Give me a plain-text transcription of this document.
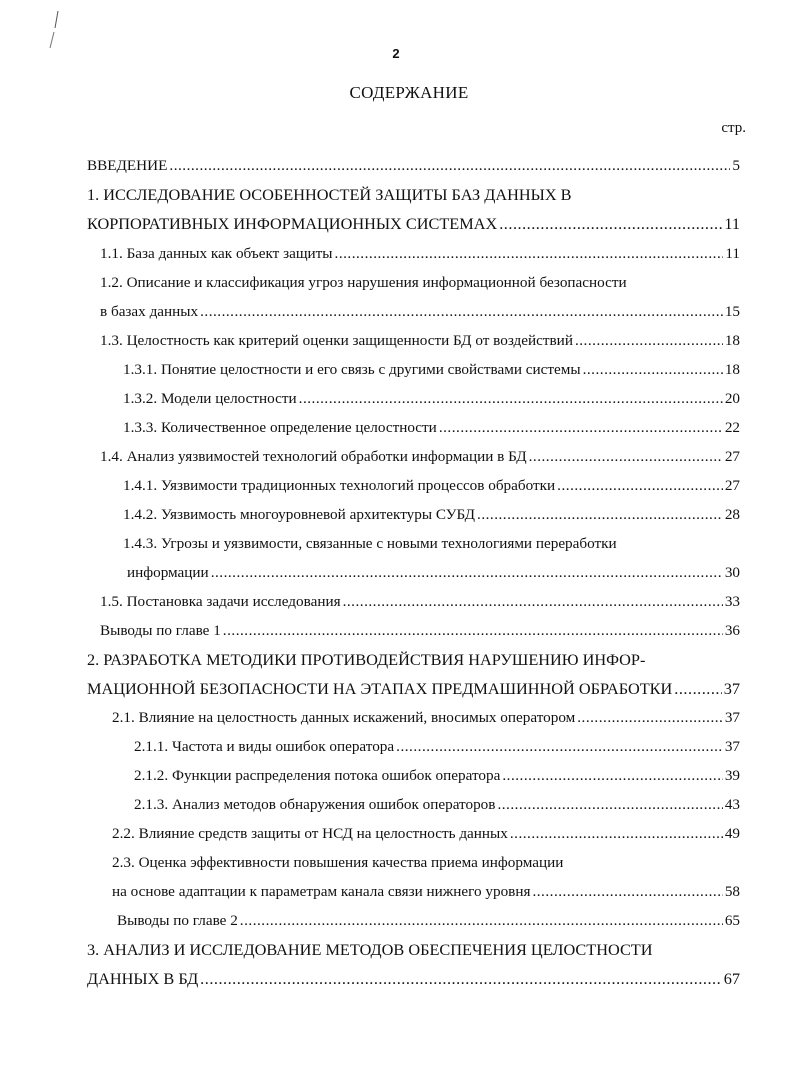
2
СОДЕРЖАНИЕ
стр.
ВВЕДЕНИЕ .....	5
1. ИССЛЕДОВАНИЕ ОСОБЕННОСТЕЙ ЗАЩИТЫ БАЗ ДАННЫХ В
КОРПОРАТИВНЫХ ИНФОРМАЦИОННЫХ СИСТЕМАХ .....	11
1.1. База данных как объект защиты .....	11
1.2. Описание и классификация угроз нарушения информационной безопасности
в базах данных .....	15
1.3. Целостность как критерий оценки защищенности БД от воздействий .....	18
1.3.1. Понятие целостности и его связь с другими свойствами системы .....	18
1.3.2. Модели целостности .....	20
1.3.3. Количественное определение целостности .....	22
1.4. Анализ уязвимостей технологий обработки информации в БД .....	27
1.4.1. Уязвимости традиционных технологий процессов обработки .....	27
1.4.2. Уязвимость многоуровневой архитектуры СУБД .....	28
1.4.3. Угрозы и уязвимости, связанные с новыми технологиями переработки
информации .....	30
1.5. Постановка задачи исследования .....	33
Выводы по главе 1 .....	36
2. РАЗРАБОТКА МЕТОДИКИ ПРОТИВОДЕЙСТВИЯ НАРУШЕНИЮ ИНФОР-
МАЦИОННОЙ БЕЗОПАСНОСТИ НА ЭТАПАХ ПРЕДМАШИННОЙ ОБРАБОТКИ .....	37
2.1. Влияние на целостность данных искажений, вносимых оператором .....	37
2.1.1. Частота и виды ошибок оператора .....	37
2.1.2. Функции распределения потока ошибок оператора .....	39
2.1.3. Анализ методов обнаружения ошибок операторов .....	43
2.2. Влияние средств защиты от НСД на целостность данных .....	49
2.3. Оценка эффективности повышения качества приема информации
на основе адаптации к параметрам канала связи нижнего уровня .....	58
Выводы по главе 2 .....	65
3. АНАЛИЗ И ИССЛЕДОВАНИЕ МЕТОДОВ ОБЕСПЕЧЕНИЯ ЦЕЛОСТНОСТИ
ДАННЫХ В БД .....	67
